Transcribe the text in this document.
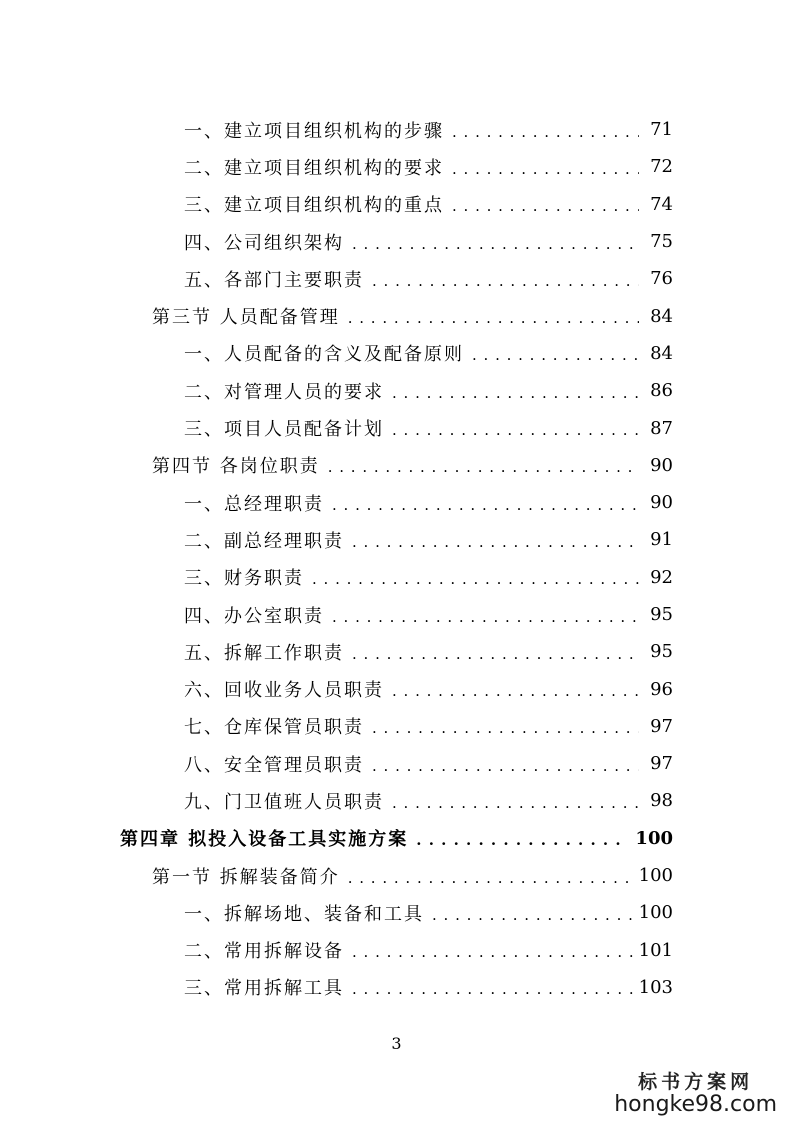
一、建立项目组织机构的步骤 . . .	71
二、建立项目组织机构的要求 . . .	72
三、建立项目组织机构的重点 . . .	74
四、公司组织架构 . . .	75
五、各部门主要职责 . . .	76
第三节 人员配备管理 . . .	84
一、人员配备的含义及配备原则 . . .	84
二、对管理人员的要求 . . .	86
三、项目人员配备计划 . . .	87
第四节 各岗位职责 . . .	90
一、总经理职责 . . .	90
二、副总经理职责 . . .	91
三、财务职责 . . .	92
四、办公室职责 . . .	95
五、拆解工作职责 . . .	95
六、回收业务人员职责 . . .	96
七、仓库保管员职责 . . .	97
八、安全管理员职责 . . .	97
九、门卫值班人员职责 . . .	98
第四章 拟投入设备工具实施方案 . . .	100
第一节 拆解装备简介 . . .	100
一、拆解场地、装备和工具 . . .	100
二、常用拆解设备 . . .	101
三、常用拆解工具 . . .	103
3
标书方案网
hongke98.com
